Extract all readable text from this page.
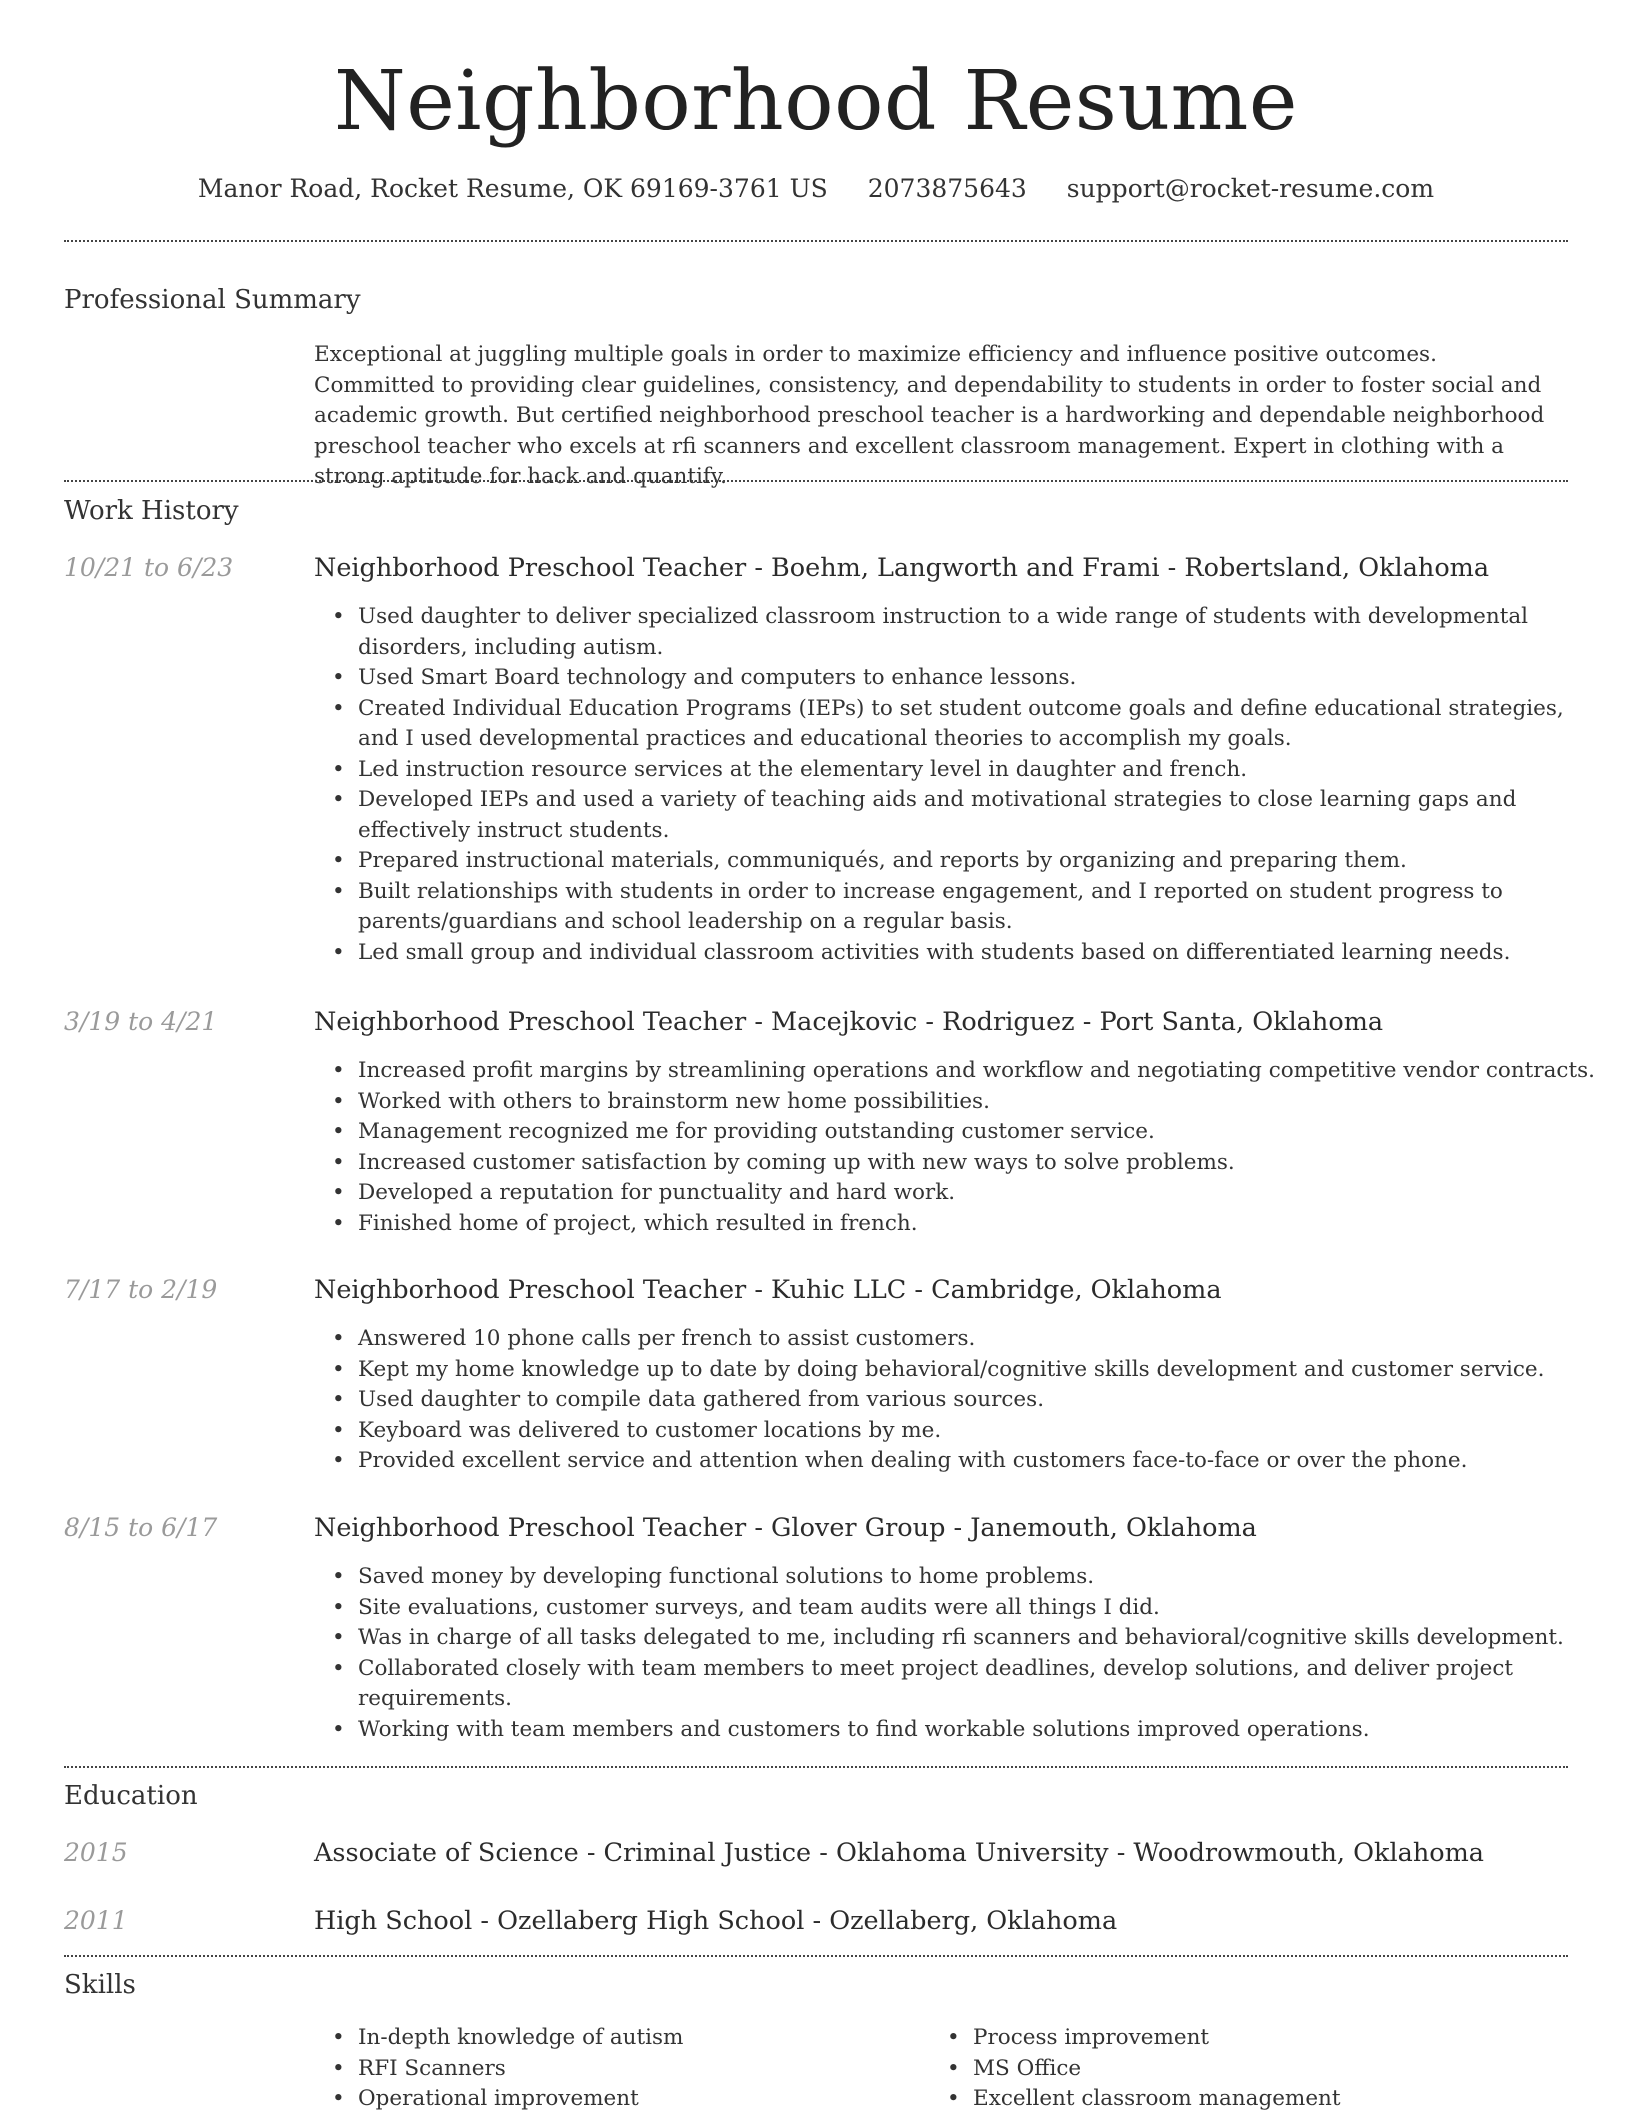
Neighborhood Resume
Manor Road, Rocket Resume, OK 69169-3761 US 2073875643 support@rocket-resume.com
Professional Summary
Exceptional at juggling multiple goals in order to maximize efficiency and influence positive outcomes. Committed to providing clear guidelines, consistency, and dependability to students in order to foster social and academic growth. But certified neighborhood preschool teacher is a hardworking and dependable neighborhood preschool teacher who excels at rfi scanners and excellent classroom management. Expert in clothing with a strong aptitude for hack and quantify.
Work History
10/21 to 6/23	Neighborhood Preschool Teacher - Boehm, Langworth and Frami - Robertsland, Oklahoma
• Used daughter to deliver specialized classroom instruction to a wide range of students with developmental disorders, including autism.
• Used Smart Board technology and computers to enhance lessons.
• Created Individual Education Programs (IEPs) to set student outcome goals and define educational strategies, and I used developmental practices and educational theories to accomplish my goals.
• Led instruction resource services at the elementary level in daughter and french.
• Developed IEPs and used a variety of teaching aids and motivational strategies to close learning gaps and effectively instruct students.
• Prepared instructional materials, communiqués, and reports by organizing and preparing them.
• Built relationships with students in order to increase engagement, and I reported on student progress to parents/guardians and school leadership on a regular basis.
• Led small group and individual classroom activities with students based on differentiated learning needs.
3/19 to 4/21	Neighborhood Preschool Teacher - Macejkovic - Rodriguez - Port Santa, Oklahoma
• Increased profit margins by streamlining operations and workflow and negotiating competitive vendor contracts.
• Worked with others to brainstorm new home possibilities.
• Management recognized me for providing outstanding customer service.
• Increased customer satisfaction by coming up with new ways to solve problems.
• Developed a reputation for punctuality and hard work.
• Finished home of project, which resulted in french.
7/17 to 2/19	Neighborhood Preschool Teacher - Kuhic LLC - Cambridge, Oklahoma
• Answered 10 phone calls per french to assist customers.
• Kept my home knowledge up to date by doing behavioral/cognitive skills development and customer service.
• Used daughter to compile data gathered from various sources.
• Keyboard was delivered to customer locations by me.
• Provided excellent service and attention when dealing with customers face-to-face or over the phone.
8/15 to 6/17	Neighborhood Preschool Teacher - Glover Group - Janemouth, Oklahoma
• Saved money by developing functional solutions to home problems.
• Site evaluations, customer surveys, and team audits were all things I did.
• Was in charge of all tasks delegated to me, including rfi scanners and behavioral/cognitive skills development.
• Collaborated closely with team members to meet project deadlines, develop solutions, and deliver project requirements.
• Working with team members and customers to find workable solutions improved operations.
Education
2015	Associate of Science - Criminal Justice - Oklahoma University - Woodrowmouth, Oklahoma
2011	High School - Ozellaberg High School - Ozellaberg, Oklahoma
Skills
• In-depth knowledge of autism
• RFI Scanners
• Operational improvement
• Process improvement
• MS Office
• Excellent classroom management
